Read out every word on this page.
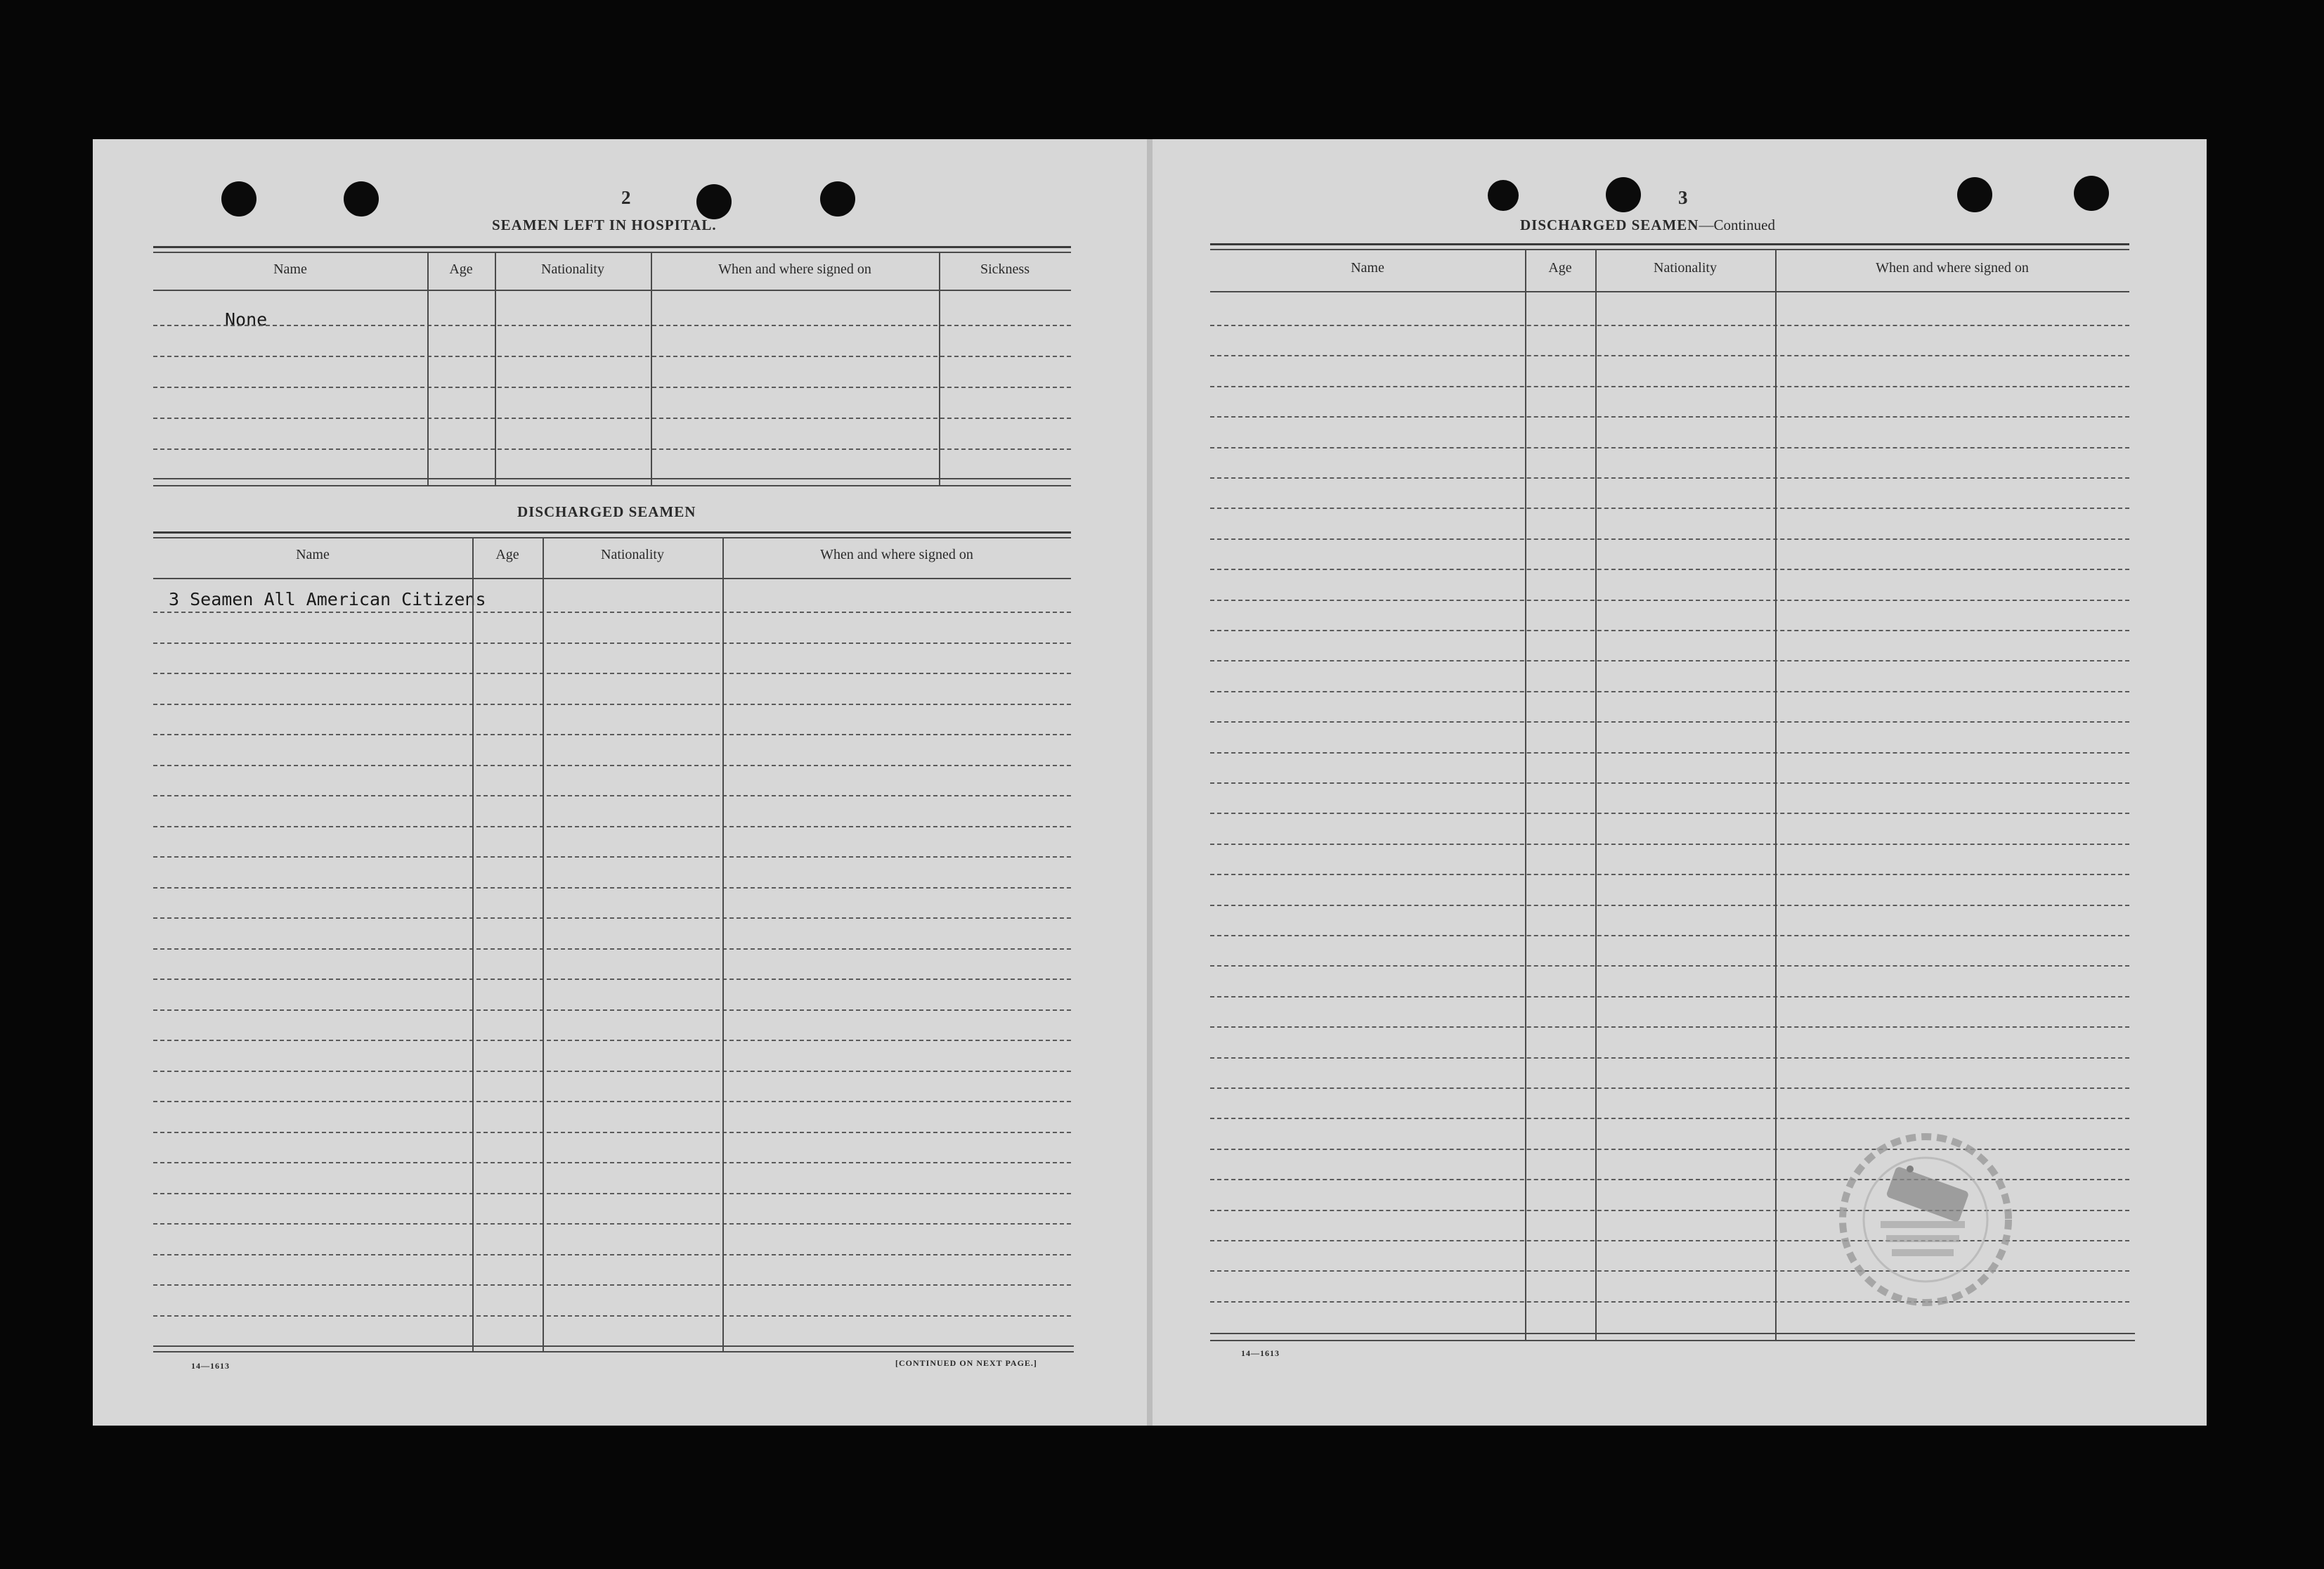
2
SEAMEN LEFT IN HOSPITAL.
Name	Age	Nationality	When and where signed on	Sickness
None
DISCHARGED SEAMEN
Name	Age	Nationality	When and where signed on
3 Seamen All American Citizens
14—1613	[CONTINUED ON NEXT PAGE.]
3
DISCHARGED SEAMEN—Continued
Name	Age	Nationality	When and where signed on
14—1613
